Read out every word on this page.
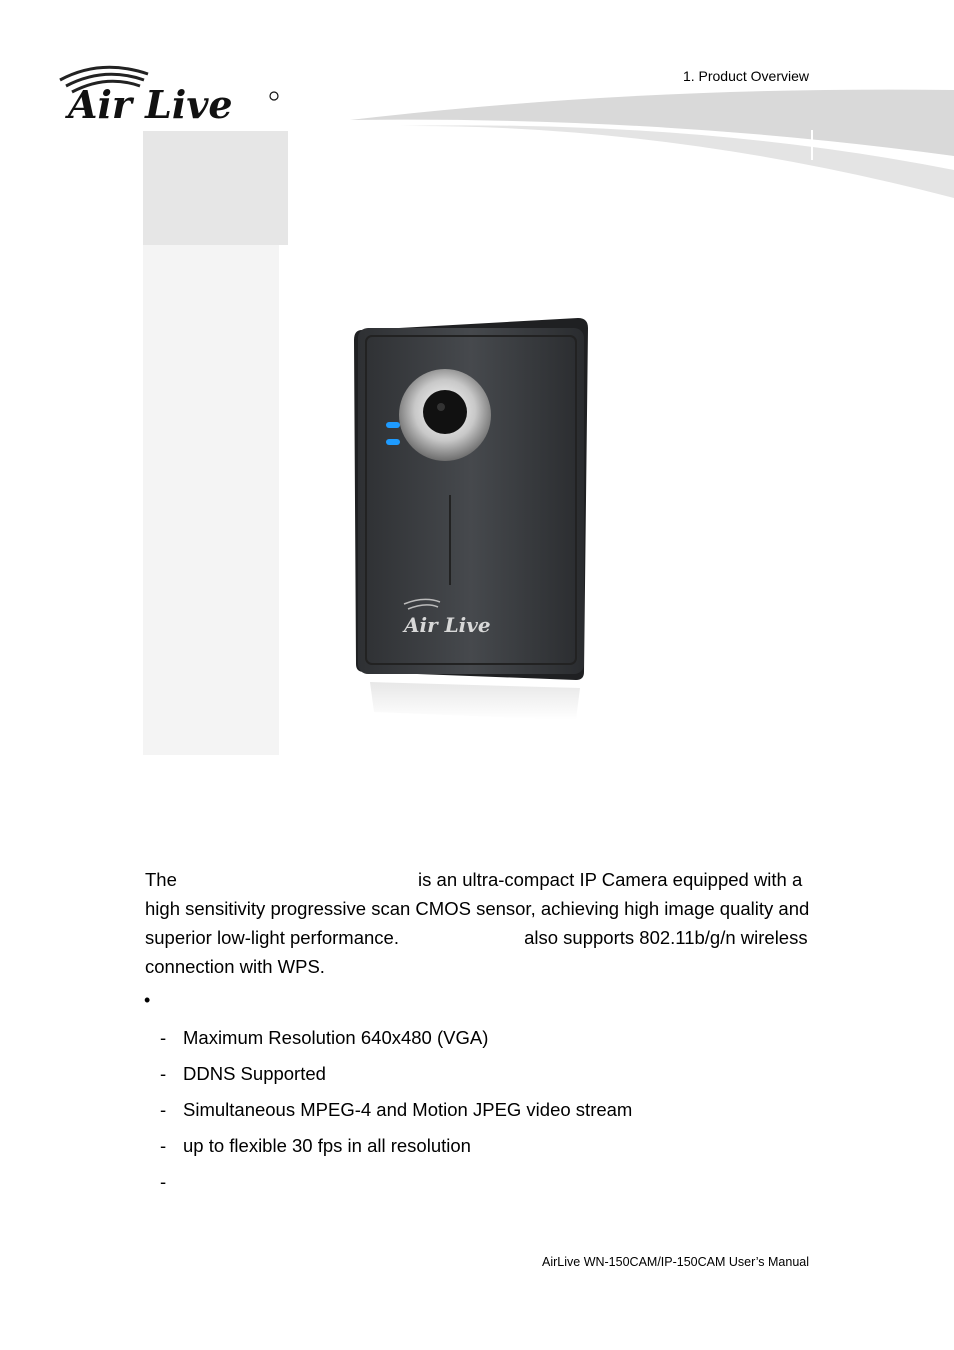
Air Live
1. Product Overview
Air Live

The	is an ultra-compact IP Camera equipped with a high sensitivity progressive scan CMOS sensor, achieving high image quality and superior low-light performance.	also supports 802.11b/g/n wireless connection with WPS.

•
- Maximum Resolution 640x480 (VGA)
- DDNS Supported
- Simultaneous MPEG-4 and Motion JPEG video stream
- up to flexible 30 fps in all resolution
-
AirLive WN-150CAM/IP-150CAM User’s Manual
